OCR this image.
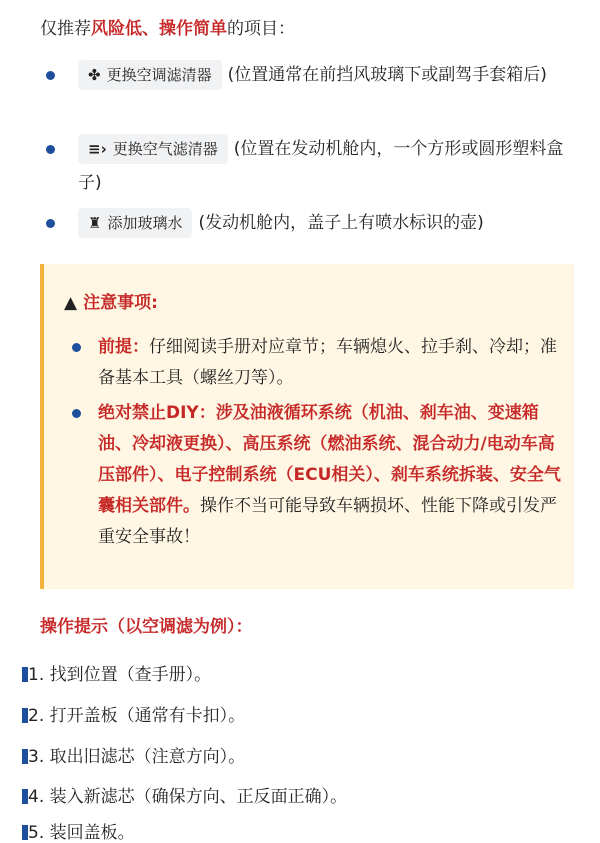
仅推荐风险低、操作简单的项目：
✤ 更换空调滤清器 (位置通常在前挡风玻璃下或副驾手套箱后)
≡› 更换空气滤清器 (位置在发动机舱内，一个方形或圆形塑料盒子)
♜ 添加玻璃水 (发动机舱内，盖子上有喷水标识的壶)
▲ 注意事项:
前提：仔细阅读手册对应章节；车辆熄火、拉手刹、冷却；准备基本工具（螺丝刀等）。
绝对禁止DIY：涉及油液循环系统（机油、刹车油、变速箱油、冷却液更换）、高压系统（燃油系统、混合动力/电动车高压部件）、电子控制系统（ECU相关）、刹车系统拆装、安全气囊相关部件。操作不当可能导致车辆损坏、性能下降或引发严重安全事故！
操作提示（以空调滤为例）：
1. 找到位置（查手册）。
2. 打开盖板（通常有卡扣）。
3. 取出旧滤芯（注意方向）。
4. 装入新滤芯（确保方向、正反面正确）。
5. 装回盖板。
